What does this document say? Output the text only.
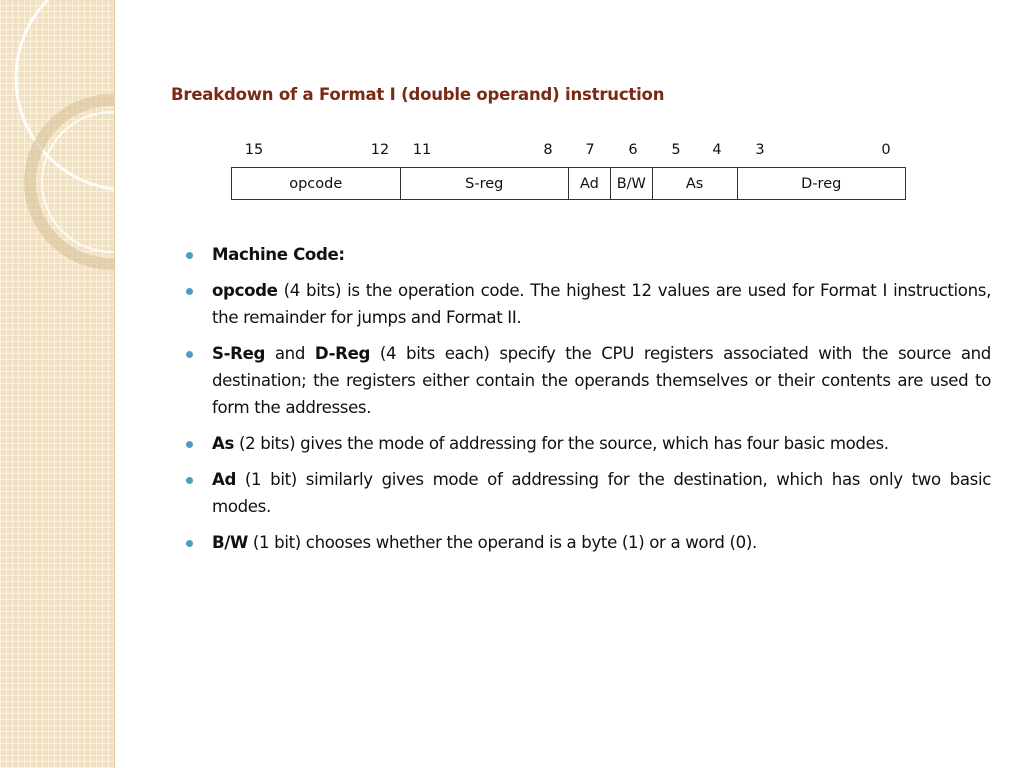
Breakdown of a Format I (double operand) instruction
15	12 11	8 7 6 5 4 3	0
opcode	S-reg	Ad	B/W	As	D-reg
Machine Code:
opcode (4 bits) is the operation code. The highest 12 values are used for Format I instructions, the remainder for jumps and Format II.
S-Reg and D-Reg (4 bits each) specify the CPU registers associated with the source and destination; the registers either contain the operands themselves or their contents are used to form the addresses.
As (2 bits) gives the mode of addressing for the source, which has four basic modes.
Ad (1 bit) similarly gives mode of addressing for the destination, which has only two basic modes.
B/W (1 bit) chooses whether the operand is a byte (1) or a word (0).
